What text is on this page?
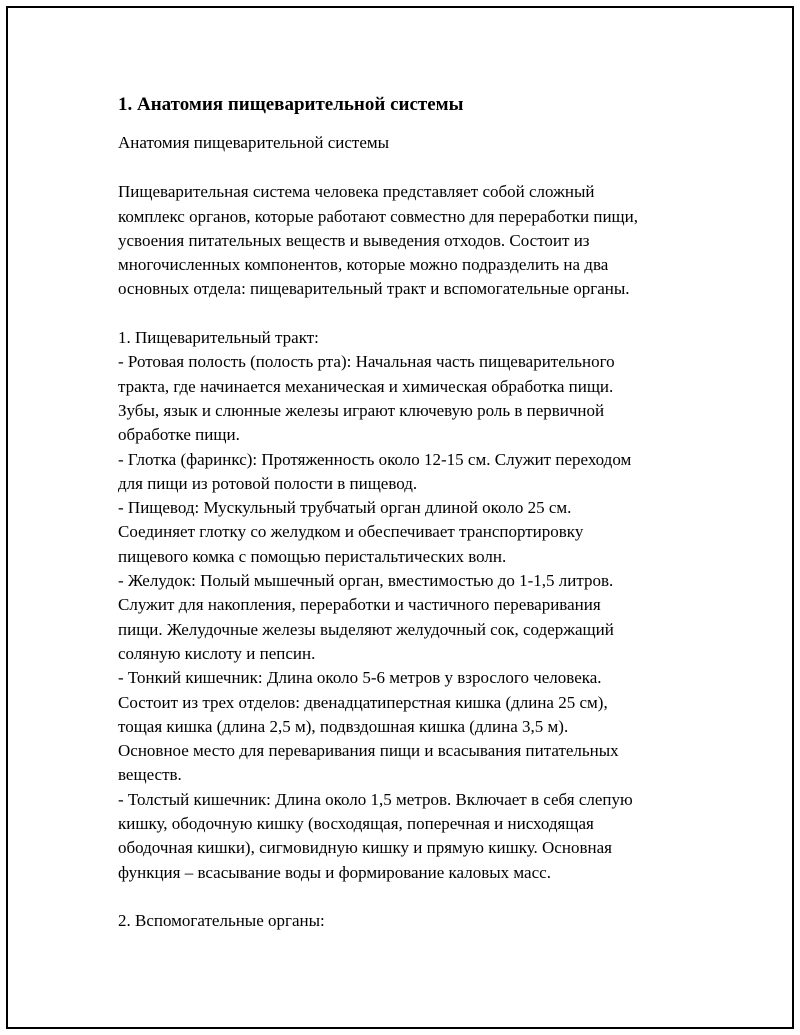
1. Анатомия пищеварительной системы
Анатомия пищеварительной системы
Пищеварительная система человека представляет собой сложный
комплекс органов, которые работают совместно для переработки пищи,
усвоения питательных веществ и выведения отходов. Состоит из
многочисленных компонентов, которые можно подразделить на два
основных отдела: пищеварительный тракт и вспомогательные органы.
1. Пищеварительный тракт:
- Ротовая полость (полость рта): Начальная часть пищеварительного
тракта, где начинается механическая и химическая обработка пищи.
Зубы, язык и слюнные железы играют ключевую роль в первичной
обработке пищи.
- Глотка (фаринкс): Протяженность около 12-15 см. Служит переходом
для пищи из ротовой полости в пищевод.
- Пищевод: Мускульный трубчатый орган длиной около 25 см.
Соединяет глотку со желудком и обеспечивает транспортировку
пищевого комка с помощью перистальтических волн.
- Желудок: Полый мышечный орган, вместимостью до 1-1,5 литров.
Служит для накопления, переработки и частичного переваривания
пищи. Желудочные железы выделяют желудочный сок, содержащий
соляную кислоту и пепсин.
- Тонкий кишечник: Длина около 5-6 метров у взрослого человека.
Состоит из трех отделов: двенадцатиперстная кишка (длина 25 см),
тощая кишка (длина 2,5 м), подвздошная кишка (длина 3,5 м).
Основное место для переваривания пищи и всасывания питательных
веществ.
- Толстый кишечник: Длина около 1,5 метров. Включает в себя слепую
кишку, ободочную кишку (восходящая, поперечная и нисходящая
ободочная кишки), сигмовидную кишку и прямую кишку. Основная
функция – всасывание воды и формирование каловых масс.
2. Вспомогательные органы:
